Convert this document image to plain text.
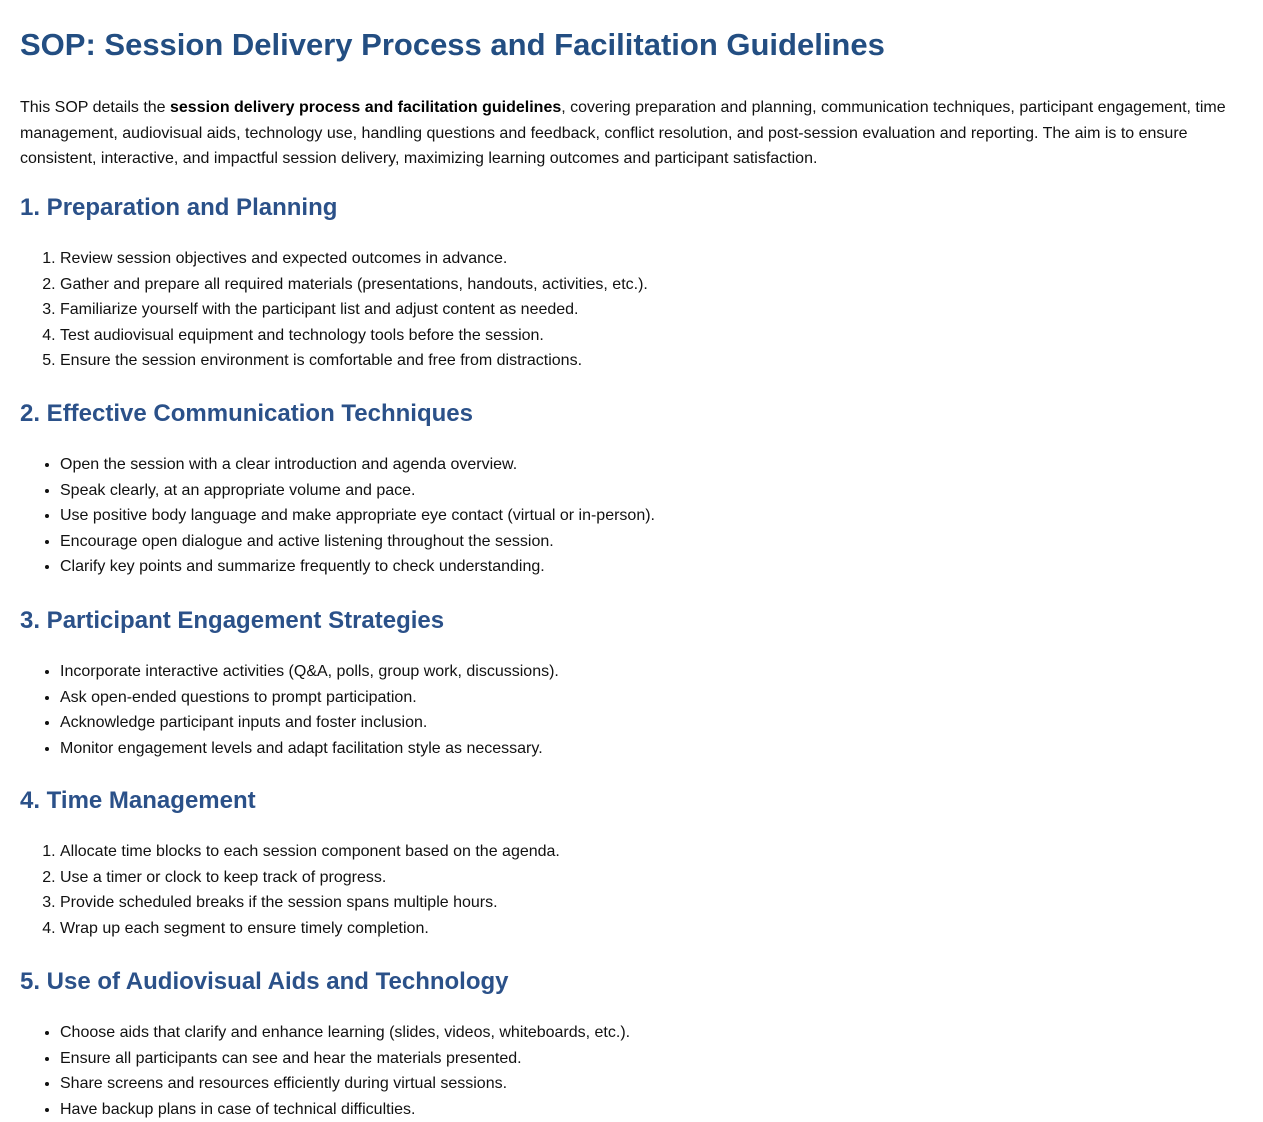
SOP: Session Delivery Process and Facilitation Guidelines

This SOP details the session delivery process and facilitation guidelines, covering preparation and planning, communication techniques, participant engagement, time management, audiovisual aids, technology use, handling questions and feedback, conflict resolution, and post-session evaluation and reporting. The aim is to ensure consistent, interactive, and impactful session delivery, maximizing learning outcomes and participant satisfaction.

1. Preparation and Planning
1. Review session objectives and expected outcomes in advance.
2. Gather and prepare all required materials (presentations, handouts, activities, etc.).
3. Familiarize yourself with the participant list and adjust content as needed.
4. Test audiovisual equipment and technology tools before the session.
5. Ensure the session environment is comfortable and free from distractions.
2. Effective Communication Techniques
• Open the session with a clear introduction and agenda overview.
• Speak clearly, at an appropriate volume and pace.
• Use positive body language and make appropriate eye contact (virtual or in-person).
• Encourage open dialogue and active listening throughout the session.
• Clarify key points and summarize frequently to check understanding.
3. Participant Engagement Strategies
• Incorporate interactive activities (Q&A, polls, group work, discussions).
• Ask open-ended questions to prompt participation.
• Acknowledge participant inputs and foster inclusion.
• Monitor engagement levels and adapt facilitation style as necessary.
4. Time Management
1. Allocate time blocks to each session component based on the agenda.
2. Use a timer or clock to keep track of progress.
3. Provide scheduled breaks if the session spans multiple hours.
4. Wrap up each segment to ensure timely completion.
5. Use of Audiovisual Aids and Technology
• Choose aids that clarify and enhance learning (slides, videos, whiteboards, etc.).
• Ensure all participants can see and hear the materials presented.
• Share screens and resources efficiently during virtual sessions.
• Have backup plans in case of technical difficulties.
